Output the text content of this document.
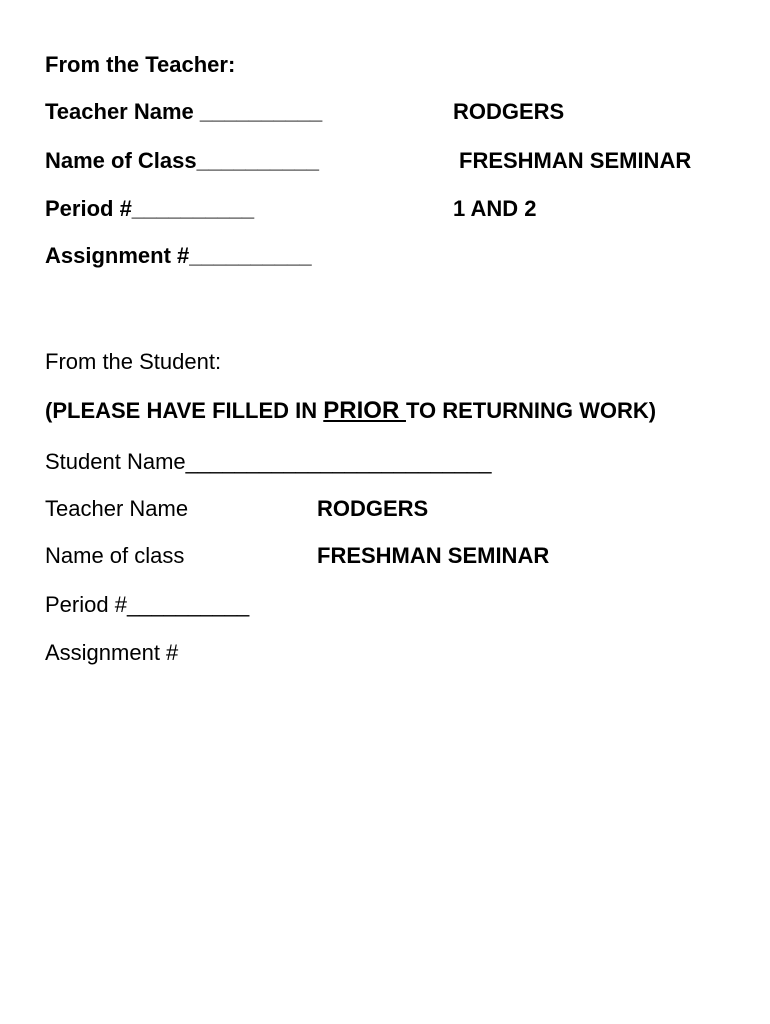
From the Teacher:
Teacher Name __________	RODGERS
Name of Class__________	FRESHMAN SEMINAR
Period #__________	1 AND 2
Assignment #__________
From the Student:
(PLEASE HAVE FILLED IN PRIOR TO RETURNING WORK)
Student Name_________________________
Teacher Name	RODGERS
Name of class	FRESHMAN SEMINAR
Period #__________
Assignment #
